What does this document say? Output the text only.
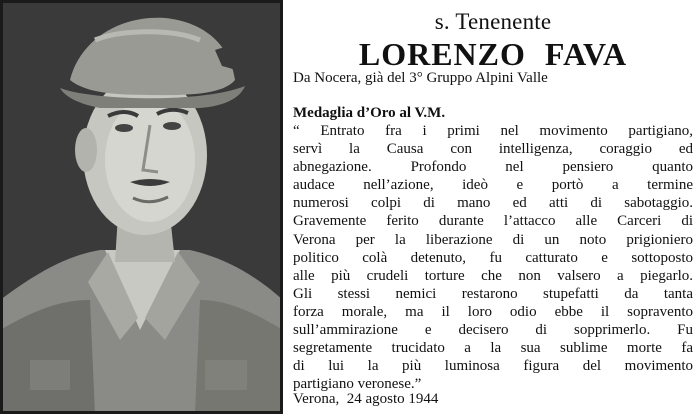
s. Tenenente
LORENZO FAVA
Da Nocera, già del 3° Gruppo Alpini Valle
Medaglia d’Oro al V.M.
“ Entrato fra i primi nel movimento partigiano,
servì la Causa con intelligenza, coraggio ed
abnegazione. Profondo nel pensiero quanto
audace nell’azione, ideò e portò a termine
numerosi colpi di mano ed atti di sabotaggio.
Gravemente ferito durante l’attacco alle Carceri di
Verona per la liberazione di un noto prigioniero
politico colà detenuto, fu catturato e sottoposto
alle più crudeli torture che non valsero a piegarlo.
Gli stessi nemici restarono stupefatti da tanta
forza morale, ma il loro odio ebbe il sopravento
sull’ammirazione e decisero di sopprimerlo. Fu
segretamente trucidato a la sua sublime morte fa
di lui la più luminosa figura del movimento
partigiano veronese.”
Verona,  24 agosto 1944
